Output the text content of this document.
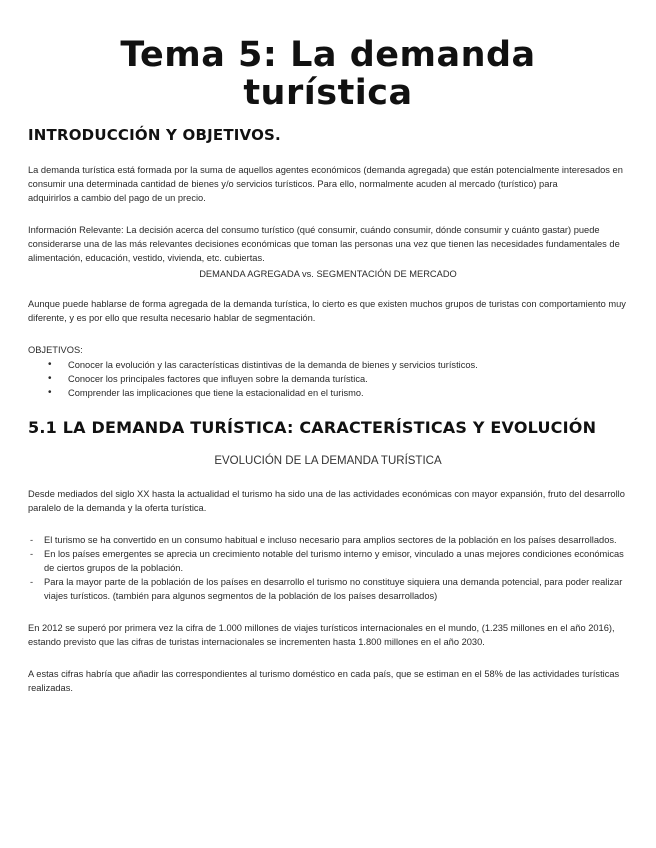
Tema 5: La demanda
turística
INTRODUCCIÓN Y OBJETIVOS.

La demanda turística está formada por la suma de aquellos agentes económicos (demanda agregada) que están potencialmente interesados en consumir una determinada cantidad de bienes y/o servicios turísticos. Para ello, normalmente acuden al mercado (turístico) para
adquirirlos a cambio del pago de un precio.

Información Relevante: La decisión acerca del consumo turístico (qué consumir, cuándo consumir, dónde consumir y cuánto gastar) puede considerarse una de las más relevantes decisiones económicas que toman las personas una vez que tienen las necesidades fundamentales de alimentación, educación, vestido, vivienda, etc. cubiertas.

DEMANDA AGREGADA vs. SEGMENTACIÓN DE MERCADO

Aunque puede hablarse de forma agregada de la demanda turística, lo cierto es que existen muchos grupos de turistas con comportamiento muy diferente, y es por ello que resulta necesario hablar de segmentación.

OBJETIVOS:

• Conocer la evolución y las características distintivas de la demanda de bienes y servicios turísticos.
• Conocer los principales factores que influyen sobre la demanda turística.
• Comprender las implicaciones que tiene la estacionalidad en el turismo.
5.1 LA DEMANDA TURÍSTICA: CARACTERÍSTICAS Y EVOLUCIÓN
EVOLUCIÓN DE LA DEMANDA TURÍSTICA

Desde mediados del siglo XX hasta la actualidad el turismo ha sido una de las actividades económicas con mayor expansión, fruto del desarrollo paralelo de la demanda y la oferta turística.

- El turismo se ha convertido en un consumo habitual e incluso necesario para amplios sectores de la población en los países desarrollados.
- En los países emergentes se aprecia un crecimiento notable del turismo interno y emisor, vinculado a unas mejores condiciones económicas de ciertos grupos de la población.
- Para la mayor parte de la población de los países en desarrollo el turismo no constituye siquiera una demanda potencial, para poder realizar viajes turísticos. (también para algunos segmentos de la población de los países desarrollados)

En 2012 se superó por primera vez la cifra de 1.000 millones de viajes turísticos internacionales en el mundo, (1.235 millones en el año 2016), estando previsto que las cifras de turistas internacionales se incrementen hasta 1.800 millones en el año 2030.

A estas cifras habría que añadir las correspondientes al turismo doméstico en cada país, que se estiman en el 58% de las actividades turísticas realizadas.
